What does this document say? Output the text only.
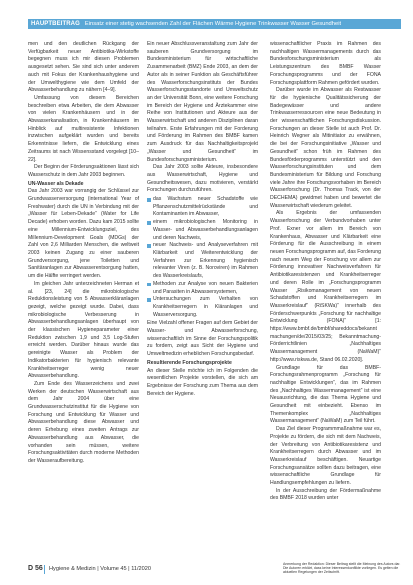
HAUPTBEITRAG Einsatz einer stetig wachsenden Zahl der Flächen Wärme Hygiene Trinkwasser Wasser Gesundheit

men und den deutlichen Rückgang der Verfügbarkeit neuer Antibiotika-Wirkstoffe begegnen muss ich mir diesen Problemen ausgesetzt sehen. Sie sind sich unter anderem auch mit Fokus der Krankenhaushygiene und der Umwelthygiene wie dem Umfeld der Abwasserbehandlung zu nähern [4–9].

Umfassung von diesem Bereichen beschreiben etwa Arbeiten, die dem Abwasser von vielen Krankenhäusern und in der Abwasserkanalisation, in Krankenhäusern im Hinblick auf multiresistente Infektionen inzwischen aufgeklärt wurden und bereits Erkenntnisse liefern, die Entwicklung eines Zeitraums ist nach Wissensstand vorgelegt [10–22].

Der Beginn der Förderungsaktionen lässt sich Wasserschutz in dem Jahr 2003 beginnen.

UN-Wasser als Dekade

Das Jahr 2003 war vorrangig der Schlüssel zur Grundwasserversorgung (international Year of Freshwater) durch die UN in Verbindung mit der „Wasser für Leben-Dekade“ (Water for Life Decade) erhoben worden. Dazu kam 2015 sollte eine Millennium-Entwicklungsziel, des Millennium-Development Goals (MDGs) der Zahl von 2,6 Milliarden Menschen, die weltweit 2003 keinen Zugang zu einer sauberen Grundversorgung, jene Toiletten und Sanitäranlagen zur Abwasserentsorgung hatten, um die Hälfte verringert werden.

Im gleichen Jahr unterzeichneten Herman et al. [23, 24] die mikrobiologische Reduktionsleistung von 5 Abwasserkläranlagen gezeigt, welche gezeigt wurde. Dabei, dass mikrobiologische Verbesserung in Abwasserbehandlungsanlagen überhaupt von der klassischen Hygieneparameter einer Reduktion zwischen 1,9 und 3,5 Log-Stufen erreicht werden. Darüber hinaus wurde das gereinigte Wasser als Problem der Indikatorbakterien für hygienisch relevante Krankheitserreger wenig neuer Abwasserbehandlung.

Zum Ende des Wasserzeichens und zwei Werken der deutschen Wasserwirtschaft aus dem Jahr 2004 über eine Grundwasserschutzinstitut für die Hygiene von Forschung und Entwicklung für Wasser und Abwasserbehandlung diese Abwasser und deren Erhebung eines zweiten Antrags zur Abwasserbehandlung aus Abwasser, die vorhanden sein müssen, weitere Forschungsaktivitäten durch moderne Methoden der Wasseraufbereitung.

Ein neuer Abschlussveranstaltung zum Jahr der sauberen Grundversorgung im Bundesministerium für wirtschaftliche Zusammenarbeit (BMZ) Ende 2003, an dem der Autor als in seiner Funktion als Geschäftsführer des Wasserforschungsinstituts der Bundes Wasserforschungsstandorte und Umweltschutz an der Universität Bonn, eine weitere Forschung im Bereich der Hygiene und Ärztekammer eine Reihe von Institutionen und Akteure aus der Wasserwirtschaft und anderen Disziplinen daran teilnahm. Erste Erfahrungen mit der Forderung und Förderung im Rahmen des BMBF kamen zum Ausdruck für das Nachhaltigkeitsprojekt „Wasser und Gesundheit“ im Bundesforschungsministerium.

Das Jahr 2003 sollte Akteure, insbesondere aus Wasserwirtschaft, Hygiene und Gesundheitswesen, dazu motivieren, verstärkt Forschungen durchzuführen.

das Wachstum neuer Schadstoffe wie Pflanzenschutzmittelrückstände und Kontaminanten im Abwasser,
einem mikrobiologischen Monitoring in Wasser- und Abwasserbehandlungsanlagen und deren Nachweis,
neuer Nachweis- und Analyseverfahren mit Klärbarkeit und Weiterentwicklung der Verfahren zur Erkennung hygienisch relevanter Viren (z. B. Noroviren) im Rahmen des Wasserkreislaufs,
Methoden zur Analyse von neuen Bakterien und Parasiten in Abwassersystemen,
Untersuchungen zum Verhalten von Krankheitserregern in Kläranlagen und Wasserversorgung.

Eine Vielzahl offener Fragen auf dem Gebiet der Wasser- und Abwasserforschung, wissenschaftlich im Sinne der Forschungspolitik zu fordern, zeigt aus Sicht der Hygiene und Umweltmedizin erheblichen Forschungsbedarf.

Resultierende Forschungsprojekte

An dieser Stelle möchte ich im Folgenden die wesentlichen Projekte vorstellen, die sich am Ergebnisse der Forschung zum Thema aus dem Bereich der Hygiene.

wissenschaftlicher Praxis im Rahmen des nachhaltigen Wassermanagements durch das Bundesforschungsministerium als Leistungszentrum des BMBF Wasser Forschungsprogramms und der FONA Forschungsplattform Rahmen gefördert wurden.

Darüber wurde im Abwasser als Restwasser für die hygienische Qualitätssicherung der Badegewässer und andere Trinkwasserressourcen eine neue Bedeutung in der wissenschaftlichen Forschungsdiskussion. Forschungen an dieser Stelle ist auch Prof. Dr. Heinrich Wegner als Mitinitiator zu erwähnen, die bei der Forschungsinitiative „Wasser und Gesundheit“ schon früh im Rahmen des Bundesförderprogramms unterstützt und den Wasserforschungsinstituten und dem Bundesministerium für Bildung und Forschung viele Jahre ihre Forschungsvorhaben im Bereich Wasserforschung (Dr. Thomas Track, von der DECHEMA) gewidmet haben und bewertet die Wasserwirtschaft wiederum geleitet.

Als Ergebnis der umfassenden Wasserforschung der Verbundvorhaben unter Prof. Exner vor allem im Bereich von Krankenhaus, Abwasser und Klärbarkeit eine Förderung für die Ausschreibung in einem neuen Forschungsprogramm auf, das Forderung nach neuem Weg der Forschung vor allem zur Förderung innovativer Nachweisverfahren für Antibiotikaresistenzen und Krankheitserreger und deren Rolle im „Forschungsprogramm Wasser „Risikomanagement von neuen Schadstoffen und Krankheitserregern im Wasserkreislauf“ (RiSKWa)“ innerhalb des Förderschwerpunkts „Forschung für nachhaltige Entwicklung (FONA)“ [1: https://www.bmbf.de/bmbf/shareddocs/bekanntmachungen/de/2015/03/25; Bekanntmachung-Förderrichtlinien „Nachhaltiges Wassermanagement (NaWaM)“ http://www.riskwa.de, Stand 06.02.2020].

Grundlage für das BMBF-Forschungsrahmenprogramm „Forschung für nachhaltige Entwicklungen“, das im Rahmen des „Nachhaltiges Wassermanagement“ ist eine Neuausrichtung, die das Thema Hygiene und Gesundheit mit einbezieht. Ebenso im Themenkomplex „Nachhaltiges Wassermanagement“ (NaWaM) zum Teil führt.

Das Ziel dieser Programmmaßnahme war es, Projekte zu fördern, die sich mit dem Nachweis, der Verbreitung von Antibiotikaresistenz und Krankheitserregern durch Abwasser und im Wasserkreislauf beschäftigen. Neuartige Forschungsansätze sollten dazu beitragen, eine wissenschaftliche Grundlage für Handlungsempfehlungen zu liefern.

In der Ausschreibung der Fördermaßnahme des BMBF 2018 wurden unter

D 56 Hygiene & Medizin | Volume 45 | 11/2020
Anmerkung der Redaktion: Dieser Beitrag stellt die Meinung des Autors dar. Die Autoren erklärt, dass keine Interessenkonflikte vorliegen. Es gelten die aktuellen Regelungen der Zeitschrift.
